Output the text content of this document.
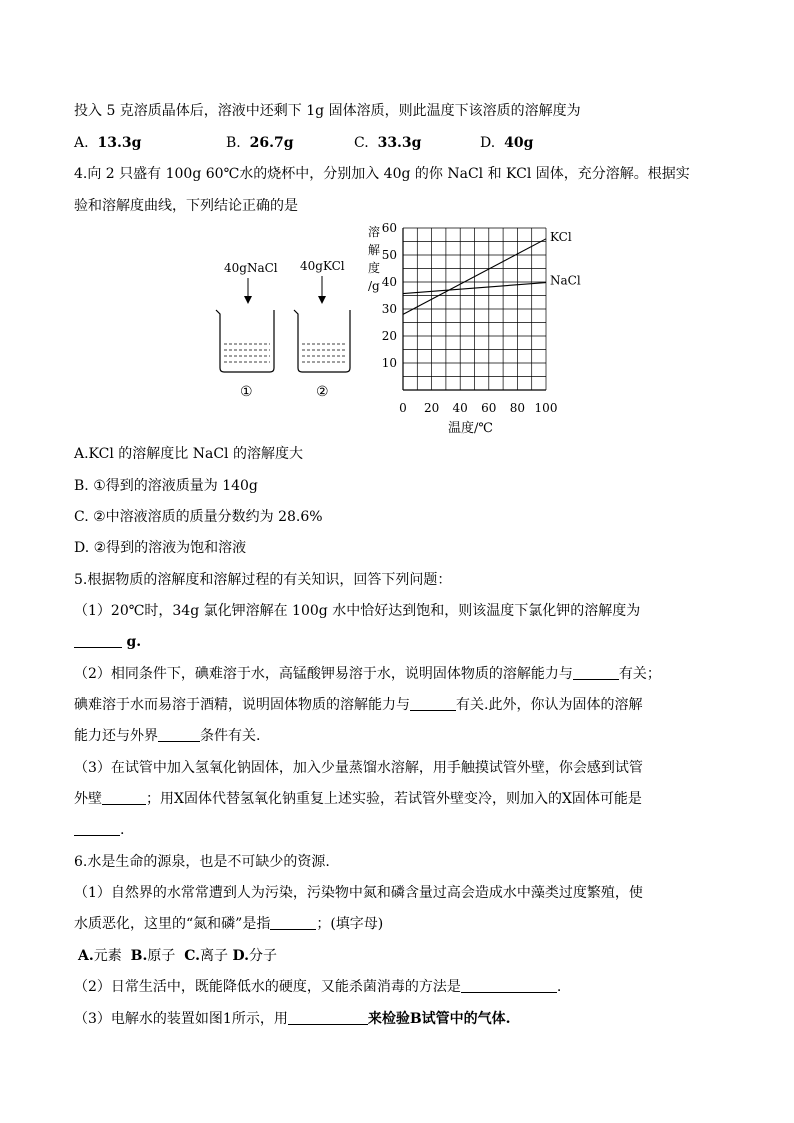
投入 5 克溶质晶体后，溶液中还剩下 1g 固体溶质，则此温度下该溶质的溶解度为
A. 13.3g	B. 26.7g	C. 33.3g	D. 40g
4.向 2 只盛有 100g 60℃水的烧杯中，分别加入 40g 的你 NaCl 和 KCl 固体，充分溶解。根据实
验和溶解度曲线，下列结论正确的是
40gNaCl 40gKCl
①	②
10
20
30
40
50
60
0 20 40 60 80 100
KCl
NaCl
溶
解
度
/g
温度/℃
A.KCl 的溶解度比 NaCl 的溶解度大
B. ①得到的溶液质量为 140g
C. ②中溶液溶质的质量分数约为 28.6%
D. ②得到的溶液为饱和溶液
5.根据物质的溶解度和溶解过程的有关知识，回答下列问题：
（1）20℃时，34g 氯化钾溶解在 100g 水中恰好达到饱和，则该温度下氯化钾的溶解度为
g.
（2）相同条件下，碘难溶于水，高锰酸钾易溶于水，说明固体物质的溶解能力与	有关；
碘难溶于水而易溶于酒精，说明固体物质的溶解能力与	有关.此外，你认为固体的溶解
能力还与外界	条件有关.
（3）在试管中加入氢氧化钠固体，加入少量蒸馏水溶解，用手触摸试管外壁，你会感到试管
外壁	；用X固体代替氢氧化钠重复上述实验，若试管外壁变冷，则加入的X固体可能是
.
6.水是生命的源泉，也是不可缺少的资源.
（1）自然界的水常常遭到人为污染，污染物中氮和磷含量过高会造成水中藻类过度繁殖，使
水质恶化，这里的“氮和磷”是指	；(填字母)
A.元素 B.原子 C.离子 D.分子
（2）日常生活中，既能降低水的硬度，又能杀菌消毒的方法是	.
（3）电解水的装置如图1所示，用	来检验B试管中的气体.
